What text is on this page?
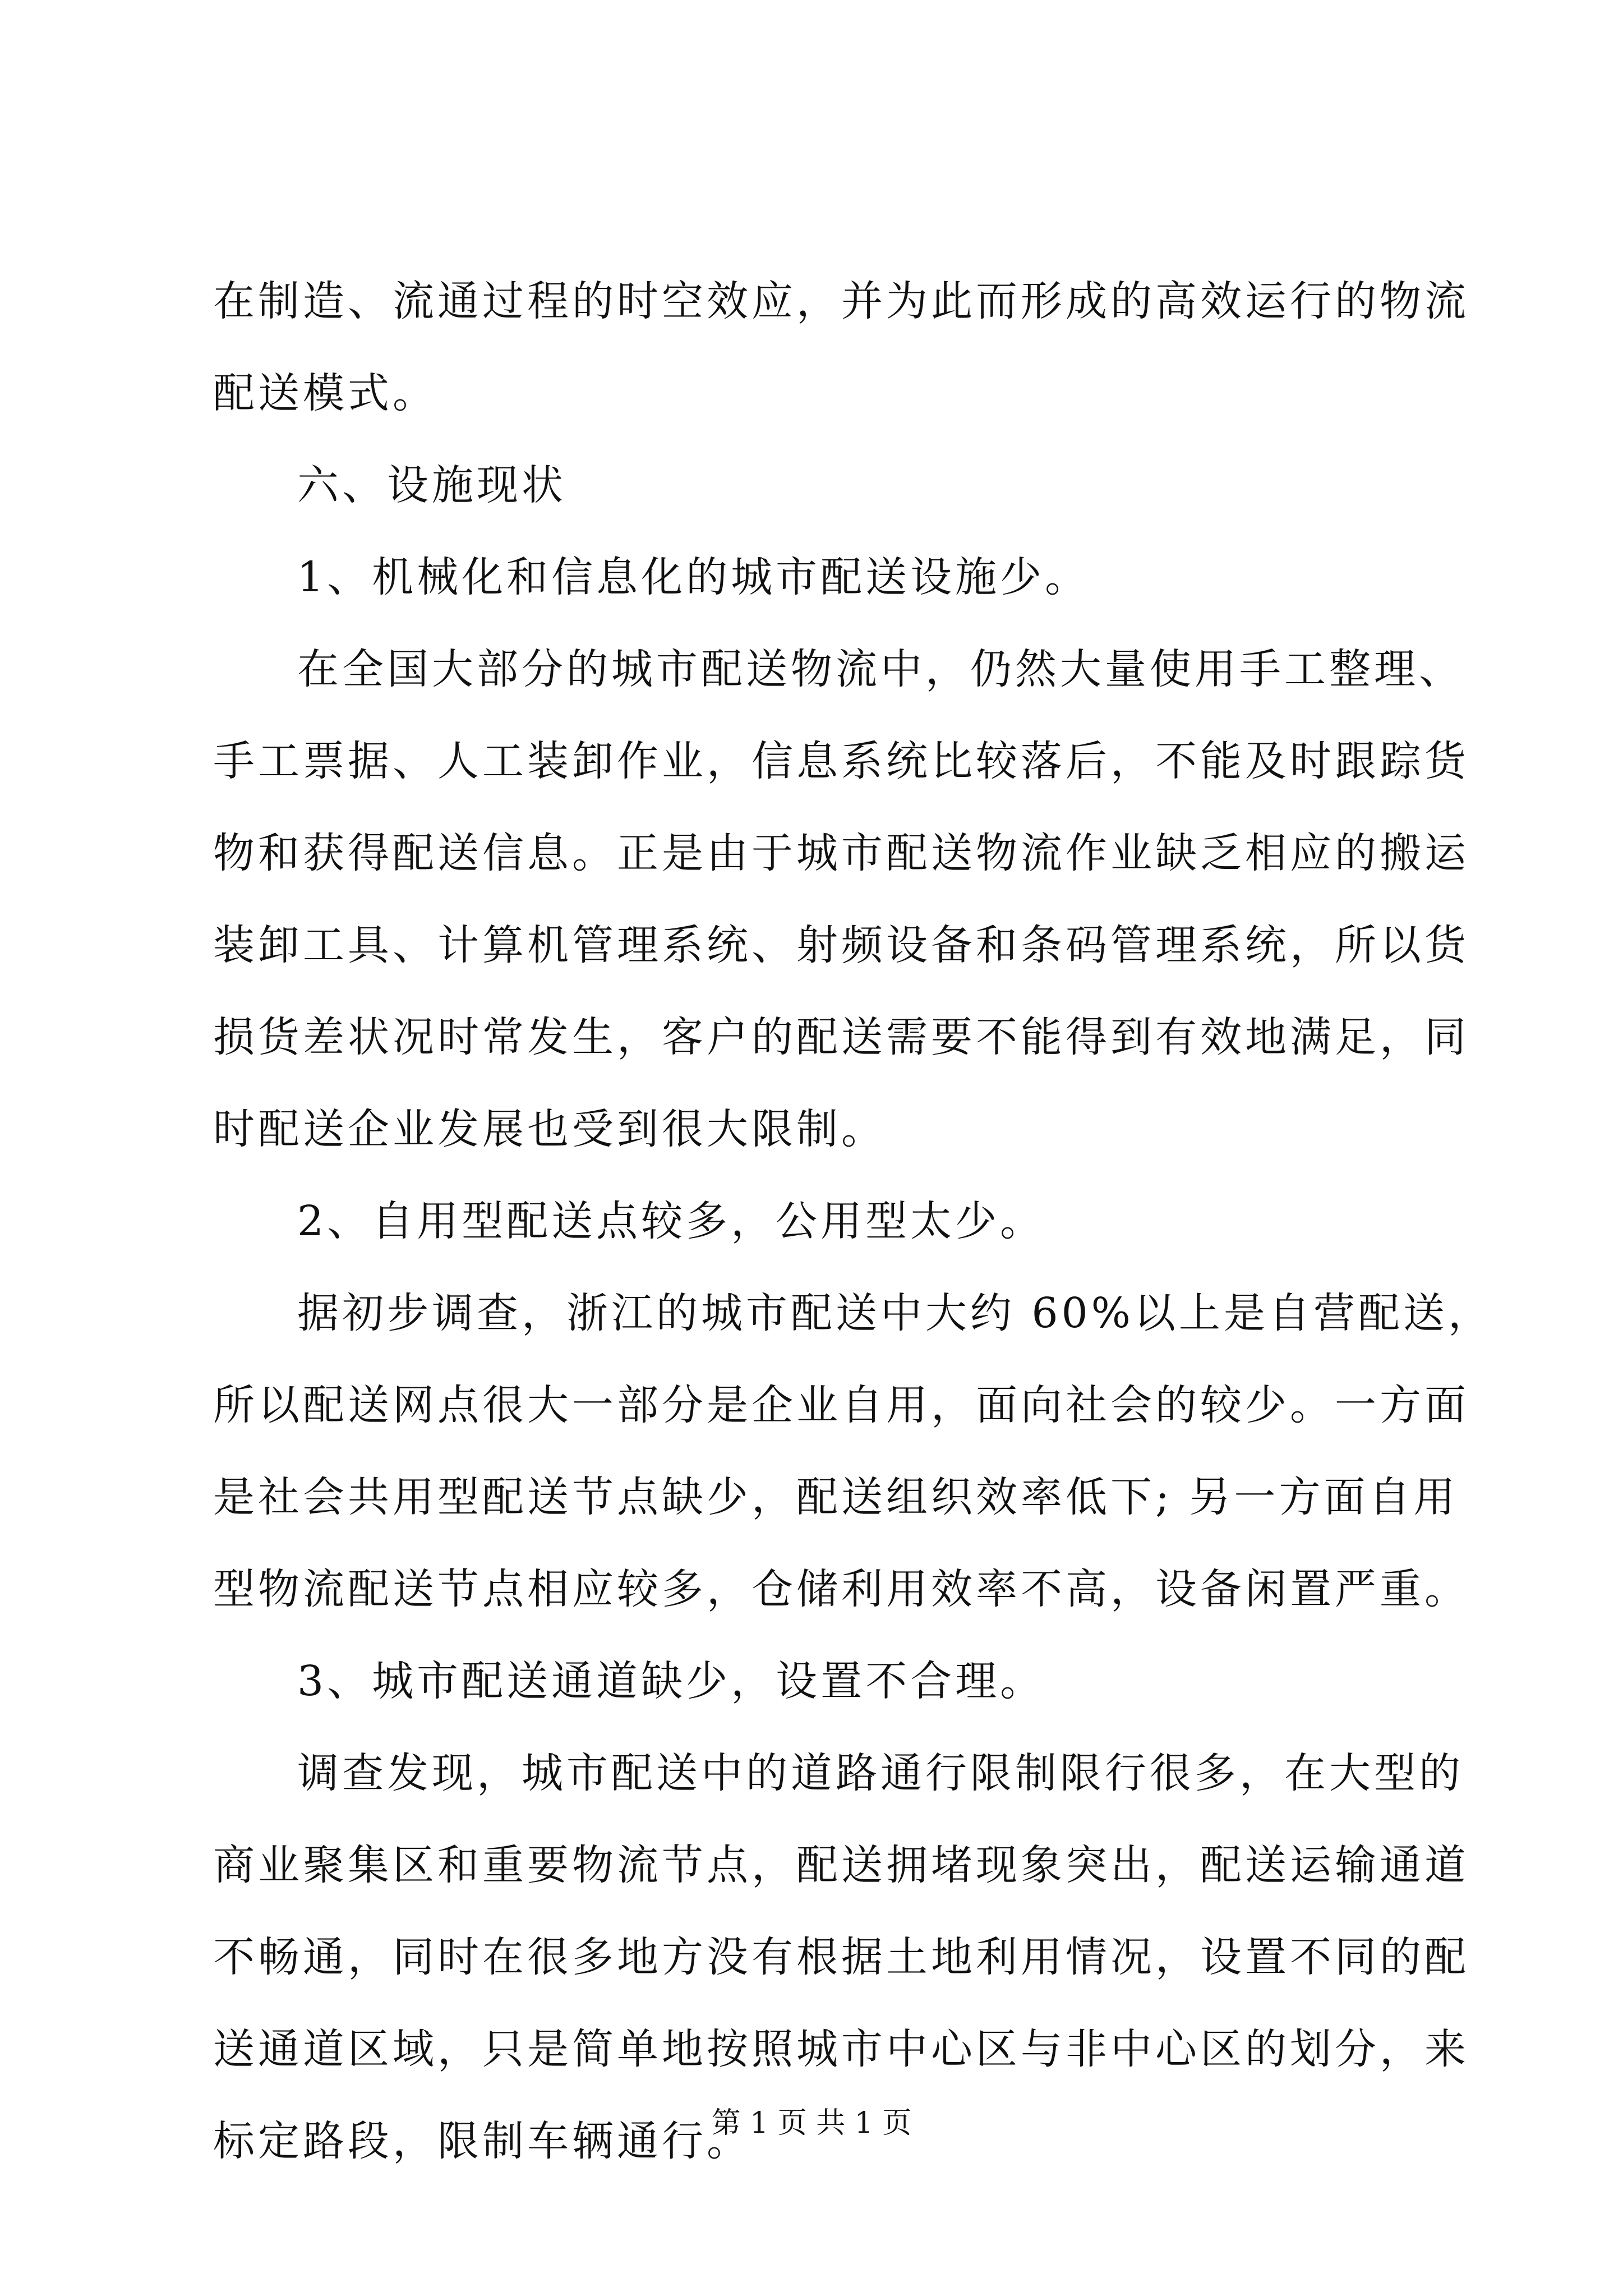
在制造、流通过程的时空效应，并为此而形成的高效运行的物流
配送模式。
六、设施现状
1、机械化和信息化的城市配送设施少。
在全国大部分的城市配送物流中，仍然大量使用手工整理、
手工票据、人工装卸作业，信息系统比较落后，不能及时跟踪货
物和获得配送信息。正是由于城市配送物流作业缺乏相应的搬运
装卸工具、计算机管理系统、射频设备和条码管理系统，所以货
损货差状况时常发生，客户的配送需要不能得到有效地满足，同
时配送企业发展也受到很大限制。
2、自用型配送点较多，公用型太少。
据初步调查，浙江的城市配送中大约 60%以上是自营配送，
所以配送网点很大一部分是企业自用，面向社会的较少。一方面
是社会共用型配送节点缺少，配送组织效率低下; 另一方面自用
型物流配送节点相应较多，仓储利用效率不高，设备闲置严重。
3、城市配送通道缺少，设置不合理。
调查发现，城市配送中的道路通行限制限行很多，在大型的
商业聚集区和重要物流节点，配送拥堵现象突出，配送运输通道
不畅通，同时在很多地方没有根据土地利用情况，设置不同的配
送通道区域，只是简单地按照城市中心区与非中心区的划分，来
标定路段，限制车辆通行。
第 1 页 共 1 页
